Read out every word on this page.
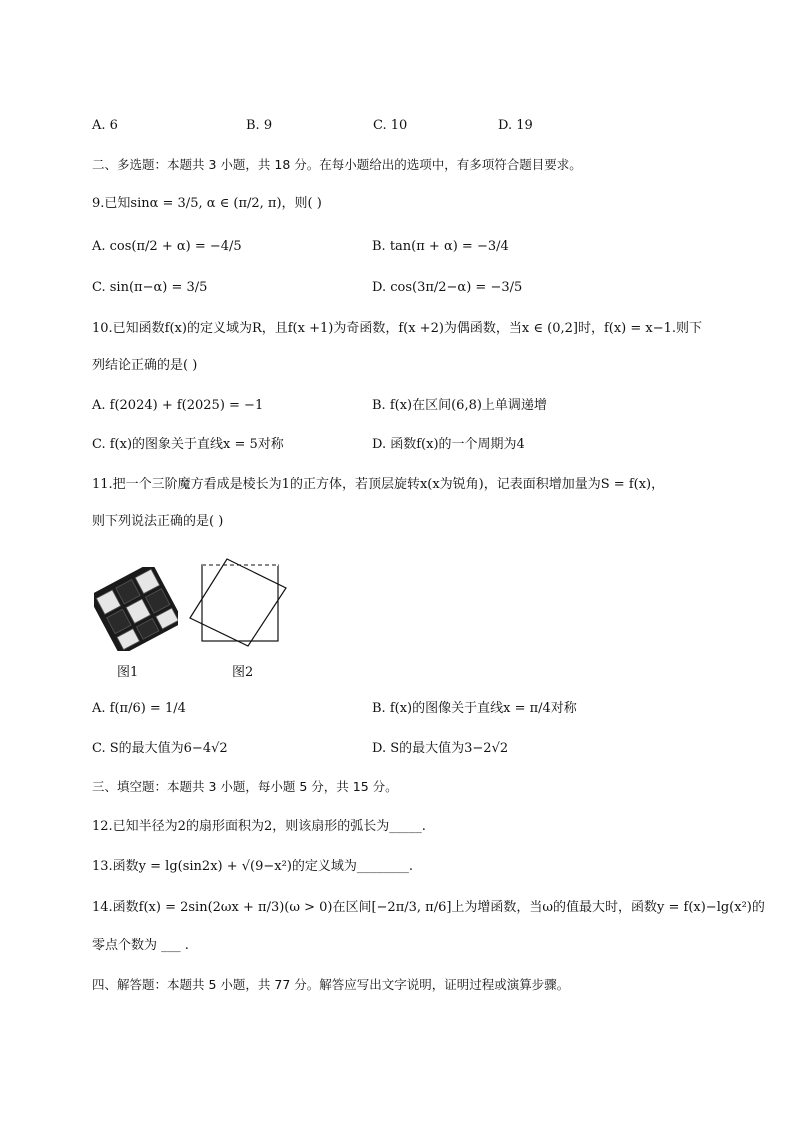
A. 6	B. 9	C. 10	D. 19
二、多选题：本题共 3 小题，共 18 分。在每小题给出的选项中，有多项符合题目要求。
9.已知sinα = 3/5, α ∈ (π/2, π)，则( )
A. cos(π/2 + α) = −4/5	B. tan(π + α) = −3/4
C. sin(π−α) = 3/5	D. cos(3π/2−α) = −3/5
10.已知函数f(x)的定义域为R，且f(x +1)为奇函数，f(x +2)为偶函数，当x ∈ (0,2]时，f(x) = x−1.则下
列结论正确的是( )
A. f(2024) + f(2025) = −1	B. f(x)在区间(6,8)上单调递增
C. f(x)的图象关于直线x = 5对称	D. 函数f(x)的一个周期为4
11.把一个三阶魔方看成是棱长为1的正方体，若顶层旋转x(x为锐角)，记表面积增加量为S = f(x)，
则下列说法正确的是( )
图1	图2
A. f(π/6) = 1/4	B. f(x)的图像关于直线x = π/4对称
C. S的最大值为6−4√2	D. S的最大值为3−2√2
三、填空题：本题共 3 小题，每小题 5 分，共 15 分。
12.已知半径为2的扇形面积为2，则该扇形的弧长为_____.
13.函数y = lg(sin2x) + √(9−x²)的定义域为________.
14.函数f(x) = 2sin(2ωx + π/3)(ω > 0)在区间[−2π/3, π/6]上为增函数，当ω的值最大时，函数y = f(x)−lg(x²)的
零点个数为 ___ .
四、解答题：本题共 5 小题，共 77 分。解答应写出文字说明，证明过程或演算步骤。
